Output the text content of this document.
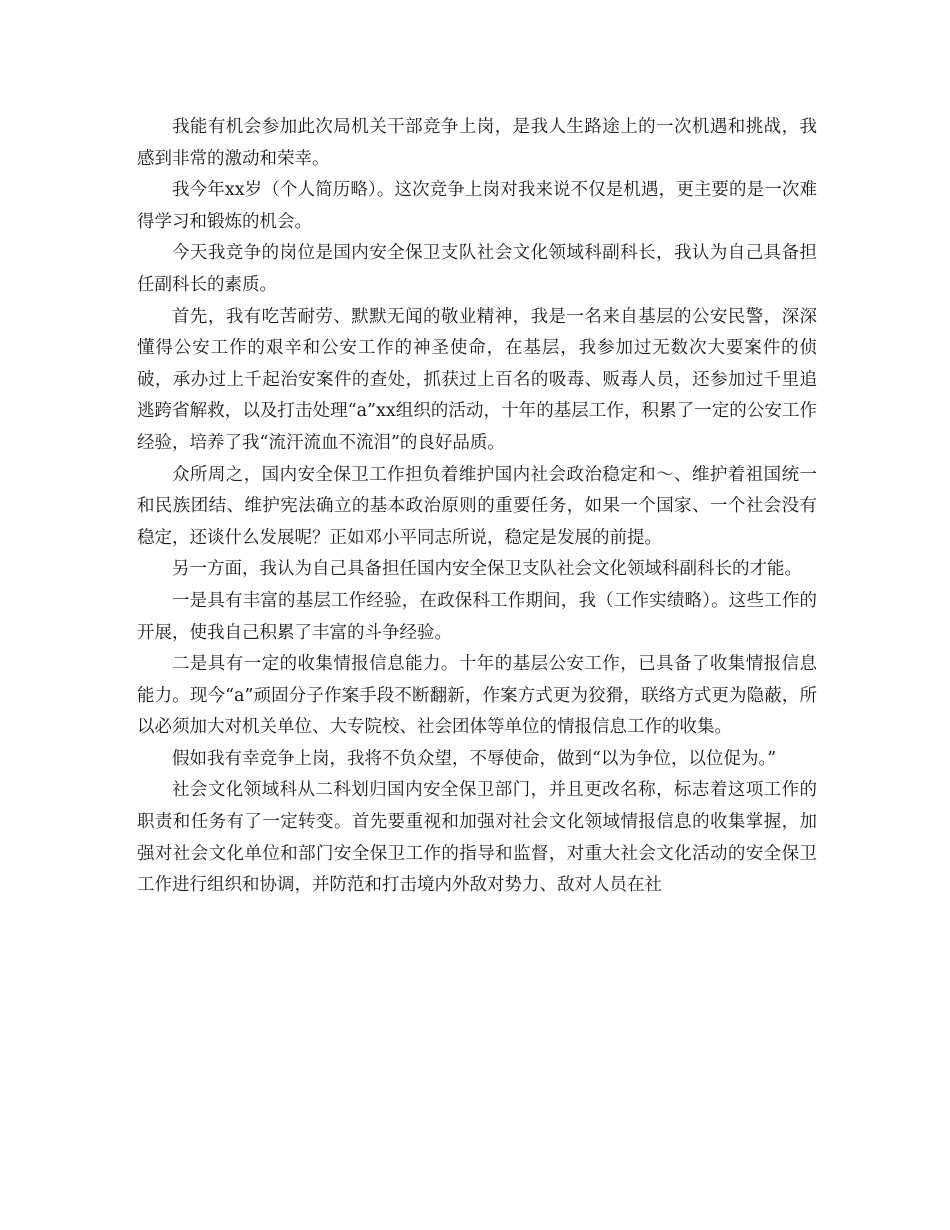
我能有机会参加此次局机关干部竞争上岗，是我人生路途上的一次机遇和挑战，我感到非常的激动和荣幸。

我今年xx岁（个人简历略）。这次竞争上岗对我来说不仅是机遇，更主要的是一次难得学习和锻炼的机会。

今天我竞争的岗位是国内安全保卫支队社会文化领域科副科长，我认为自己具备担任副科长的素质。

首先，我有吃苦耐劳、默默无闻的敬业精神，我是一名来自基层的公安民警，深深懂得公安工作的艰辛和公安工作的神圣使命，在基层，我参加过无数次大要案件的侦破，承办过上千起治安案件的查处，抓获过上百名的吸毒、贩毒人员，还参加过千里追逃跨省解救，以及打击处理“a”xx组织的活动，十年的基层工作，积累了一定的公安工作经验，培养了我“流汗流血不流泪”的良好品质。

众所周之，国内安全保卫工作担负着维护国内社会政治稳定和～、维护着祖国统一和民族团结、维护宪法确立的基本政治原则的重要任务，如果一个国家、一个社会没有稳定，还谈什么发展呢？正如邓小平同志所说，稳定是发展的前提。

另一方面，我认为自己具备担任国内安全保卫支队社会文化领域科副科长的才能。

一是具有丰富的基层工作经验，在政保科工作期间，我（工作实绩略）。这些工作的开展，使我自己积累了丰富的斗争经验。

二是具有一定的收集情报信息能力。十年的基层公安工作，已具备了收集情报信息能力。现今“a”顽固分子作案手段不断翻新，作案方式更为狡猾，联络方式更为隐蔽，所以必须加大对机关单位、大专院校、社会团体等单位的情报信息工作的收集。

假如我有幸竞争上岗，我将不负众望，不辱使命，做到“以为争位，以位促为。”

社会文化领域科从二科划归国内安全保卫部门，并且更改名称，标志着这项工作的职责和任务有了一定转变。首先要重视和加强对社会文化领域情报信息的收集掌握，加强对社会文化单位和部门安全保卫工作的指导和监督，对重大社会文化活动的安全保卫工作进行组织和协调，并防范和打击境内外敌对势力、敌对人员在社
